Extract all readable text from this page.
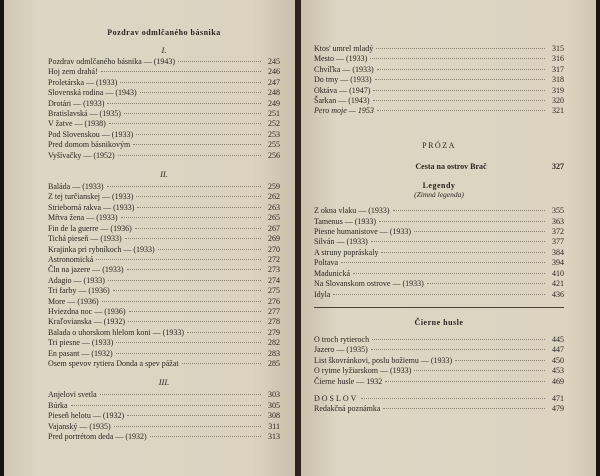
Pozdrav odmlčaného básnika

I.

Pozdrav odmlčaného básnika — (1943)	245
Hoj zem drahá!	246
Proletárska — (1933)	247
Slovenská rodina — (1943)	248
Drotári — (1933)	249
Bratislavská — (1935)	251
V žatve — (1938)	252
Pod Slovenskou — (1933)	253
Pred domom básnikovým	255
Vyšívačky — (1952)	256

II.

Baláda — (1933)	259
Z tej turčianskej — (1933)	262
Strieborná rakva — (1933)	263
Mŕtva žena — (1933)	265
Fin de la guerre — (1936)	267
Tichá pieseň — (1933)	269
Krajinka pri rybníkoch — (1933)	270
Astronomická	272
Čln na jazere — (1933)	273
Adagio — (1933)	274
Tri farby — (1936)	275
More — (1936)	276
Hviezdna noc — (1936)	277
Kraľovianska — (1932)	278
Balada o uhorskom hlelom koni — (1933)	279
Tri piesne — (1933)	282
En pasant — (1932)	283
Osem spevov rytiera Donda a spev pážat	285

III.

Anjelovi svetla	303
Búrka	305
Pieseň helotu — (1932)	308
Vajanský — (1935)	311
Pred portrétom deda — (1932)	313
Ktos' umrel mladý	315
Mesto — (1933)	316
Chvíľka — (1933)	317
Do tmy — (1933)	318
Oktáva — (1947)	319
Šarkan — (1943)	320
Pero moje — 1953	321

PRÓZA

Cesta na ostrov Brač	327

Legendy

(Zimná legenda)

Z okna vlaku — (1933)	355
Tamenus — (1933)	363
Piesne humanistove — (1933)	372
Silván — (1933)	377
A struny popráskaly	384
Poltava	394
Madunická	410
Na Slovanskom ostrove — (1933)	421
Idyla	436

Čierne husle

O troch rytieroch	445
Jazero — (1935)	447
List škovránkovi, poslu božiemu — (1933)	450
O rytme lyžiarskom — (1933)	453
Čierne husle — 1932	469
DOSLOV	471
Redakčná poznámka	479
